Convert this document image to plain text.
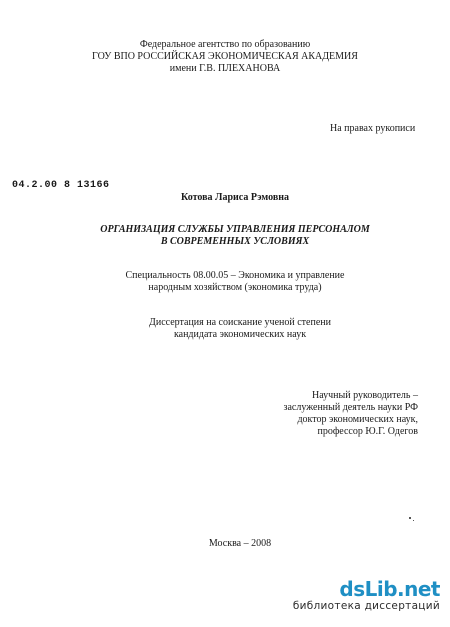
Федеральное агентство по образованию
ГОУ ВПО РОССИЙСКАЯ ЭКОНОМИЧЕСКАЯ АКАДЕМИЯ
имени Г.В. ПЛЕХАНОВА
На правах рукописи
04.2.00 8 13166
Котова Лариса Рэмовна
ОРГАНИЗАЦИЯ СЛУЖБЫ УПРАВЛЕНИЯ ПЕРСОНАЛОМ
В СОВРЕМЕННЫХ УСЛОВИЯХ
Специальность 08.00.05 – Экономика и управление
народным хозяйством (экономика труда)
Диссертация на соискание ученой степени
кандидата экономических наук
Научный руководитель –
заслуженный деятель науки РФ
доктор экономических наук,
профессор Ю.Г. Одегов
Москва – 2008
dsLib.net
библиотека диссертаций
